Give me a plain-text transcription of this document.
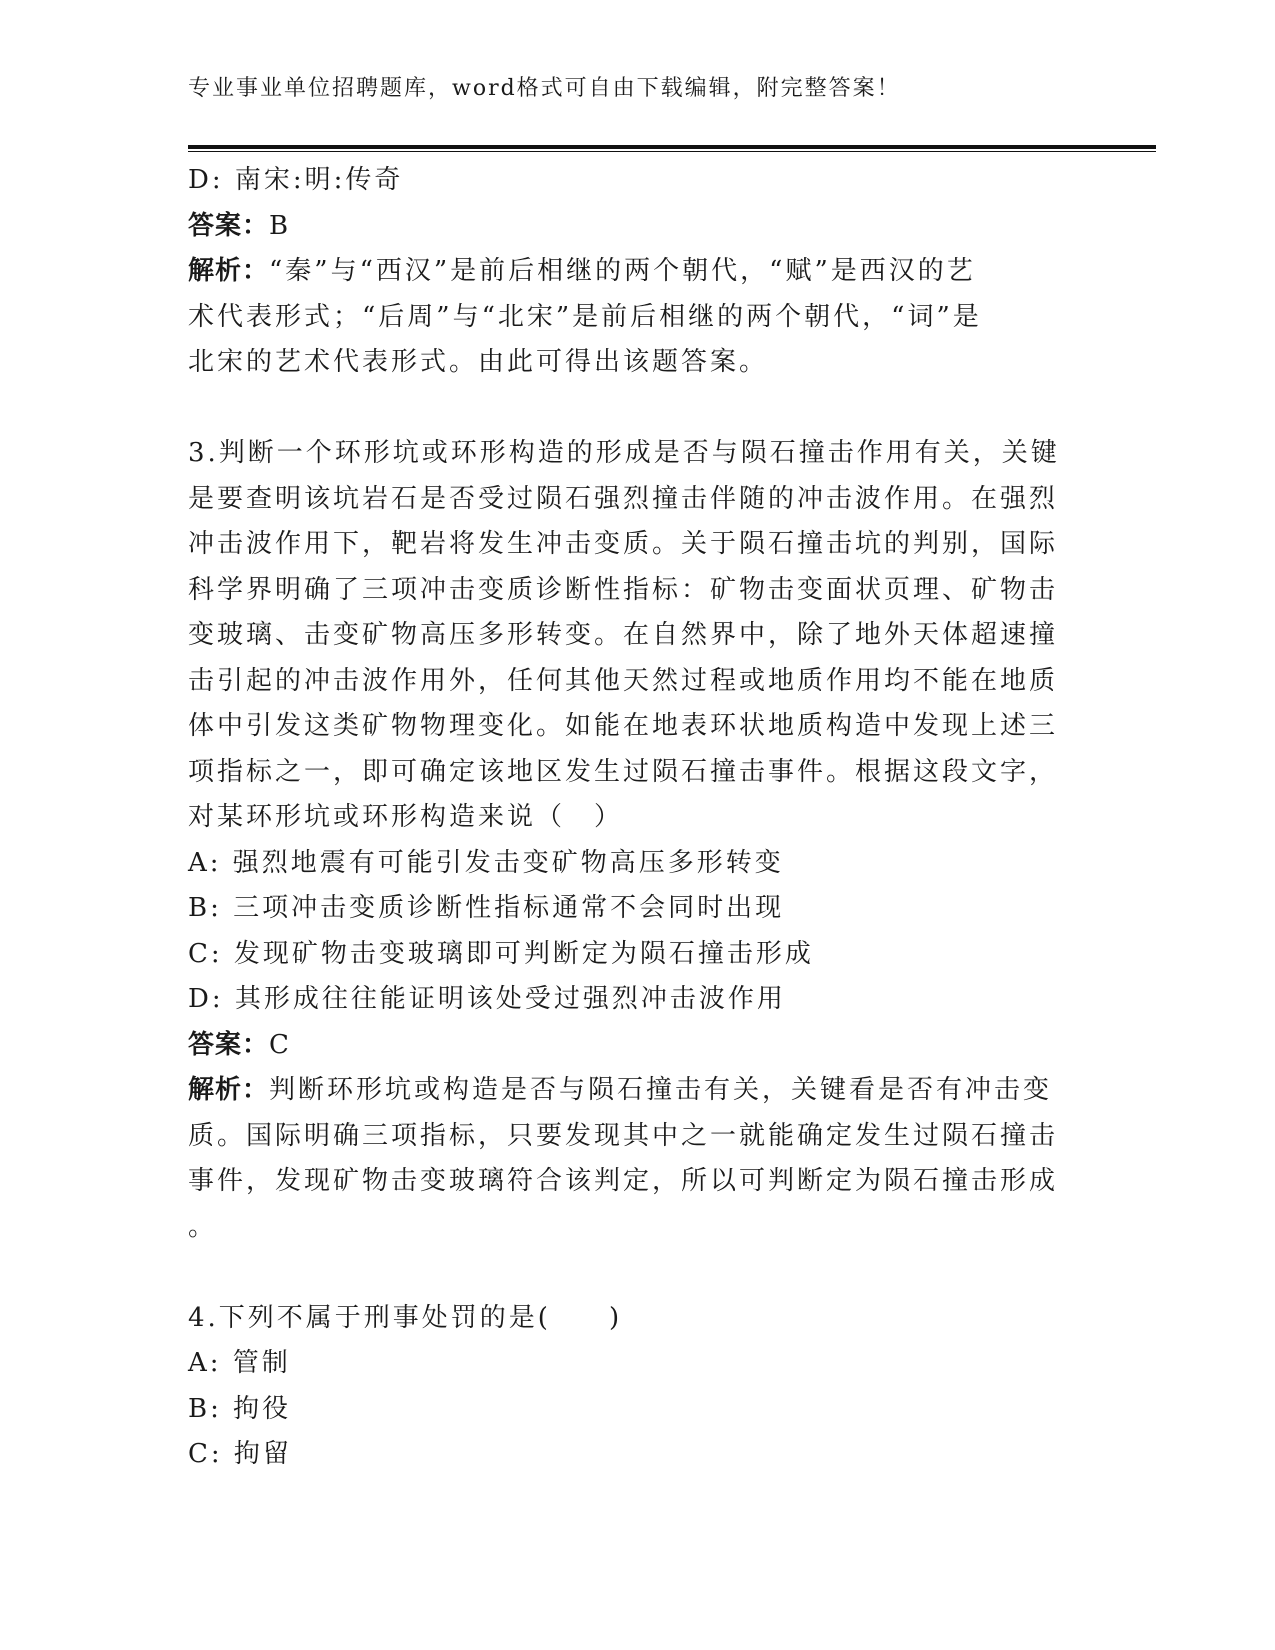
专业事业单位招聘题库，word格式可自由下载编辑，附完整答案！
D: 南宋:明:传奇
答案：B
解析：“秦”与“西汉”是前后相继的两个朝代，“赋”是西汉的艺
术代表形式；“后周”与“北宋”是前后相继的两个朝代，“词”是
北宋的艺术代表形式。由此可得出该题答案。
3.判断一个环形坑或环形构造的形成是否与陨石撞击作用有关，关键
是要查明该坑岩石是否受过陨石强烈撞击伴随的冲击波作用。在强烈
冲击波作用下，靶岩将发生冲击变质。关于陨石撞击坑的判别，国际
科学界明确了三项冲击变质诊断性指标：矿物击变面状页理、矿物击
变玻璃、击变矿物高压多形转变。在自然界中，除了地外天体超速撞
击引起的冲击波作用外，任何其他天然过程或地质作用均不能在地质
体中引发这类矿物物理变化。如能在地表环状地质构造中发现上述三
项指标之一，即可确定该地区发生过陨石撞击事件。根据这段文字，
对某环形坑或环形构造来说（　）
A: 强烈地震有可能引发击变矿物高压多形转变
B: 三项冲击变质诊断性指标通常不会同时出现
C: 发现矿物击变玻璃即可判断定为陨石撞击形成
D: 其形成往往能证明该处受过强烈冲击波作用
答案：C
解析：判断环形坑或构造是否与陨石撞击有关，关键看是否有冲击变
质。国际明确三项指标，只要发现其中之一就能确定发生过陨石撞击
事件，发现矿物击变玻璃符合该判定，所以可判断定为陨石撞击形成
。
4.下列不属于刑事处罚的是(　　)
A: 管制
B: 拘役
C: 拘留
